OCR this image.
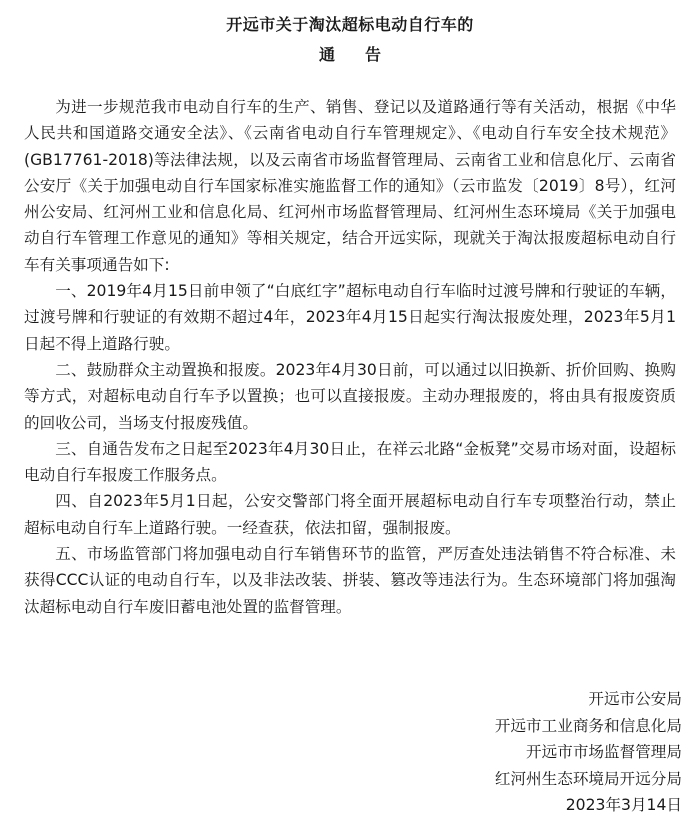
开远市关于淘汰超标电动自行车的
通告

为进一步规范我市电动自行车的生产、销售、登记以及道路通行等有关活动，根据《中华人民共和国道路交通安全法》、《云南省电动自行车管理规定》、《电动自行车安全技术规范》(GB17761-2018)等法律法规，以及云南省市场监督管理局、云南省工业和信息化厅、云南省公安厅《关于加强电动自行车国家标准实施监督工作的通知》（云市监发〔2019〕8号），红河州公安局、红河州工业和信息化局、红河州市场监督管理局、红河州生态环境局《关于加强电动自行车管理工作意见的通知》等相关规定，结合开远实际，现就关于淘汰报废超标电动自行车有关事项通告如下:

一、2019年4月15日前申领了“白底红字”超标电动自行车临时过渡号牌和行驶证的车辆，过渡号牌和行驶证的有效期不超过4年，2023年4月15日起实行淘汰报废处理，2023年5月1日起不得上道路行驶。

二、鼓励群众主动置换和报废。2023年4月30日前，可以通过以旧换新、折价回购、换购等方式，对超标电动自行车予以置换；也可以直接报废。主动办理报废的，将由具有报废资质的回收公司，当场支付报废残值。

三、自通告发布之日起至2023年4月30日止，在祥云北路“金板凳”交易市场对面，设超标电动自行车报废工作服务点。

四、自2023年5月1日起，公安交警部门将全面开展超标电动自行车专项整治行动，禁止超标电动自行车上道路行驶。一经查获，依法扣留，强制报废。

五、市场监管部门将加强电动自行车销售环节的监管，严厉查处违法销售不符合标准、未获得CCC认证的电动自行车，以及非法改装、拼装、篡改等违法行为。生态环境部门将加强淘汰超标电动自行车废旧蓄电池处置的监督管理。

开远市公安局
开远市工业商务和信息化局
开远市市场监督管理局
红河州生态环境局开远分局
2023年3月14日
